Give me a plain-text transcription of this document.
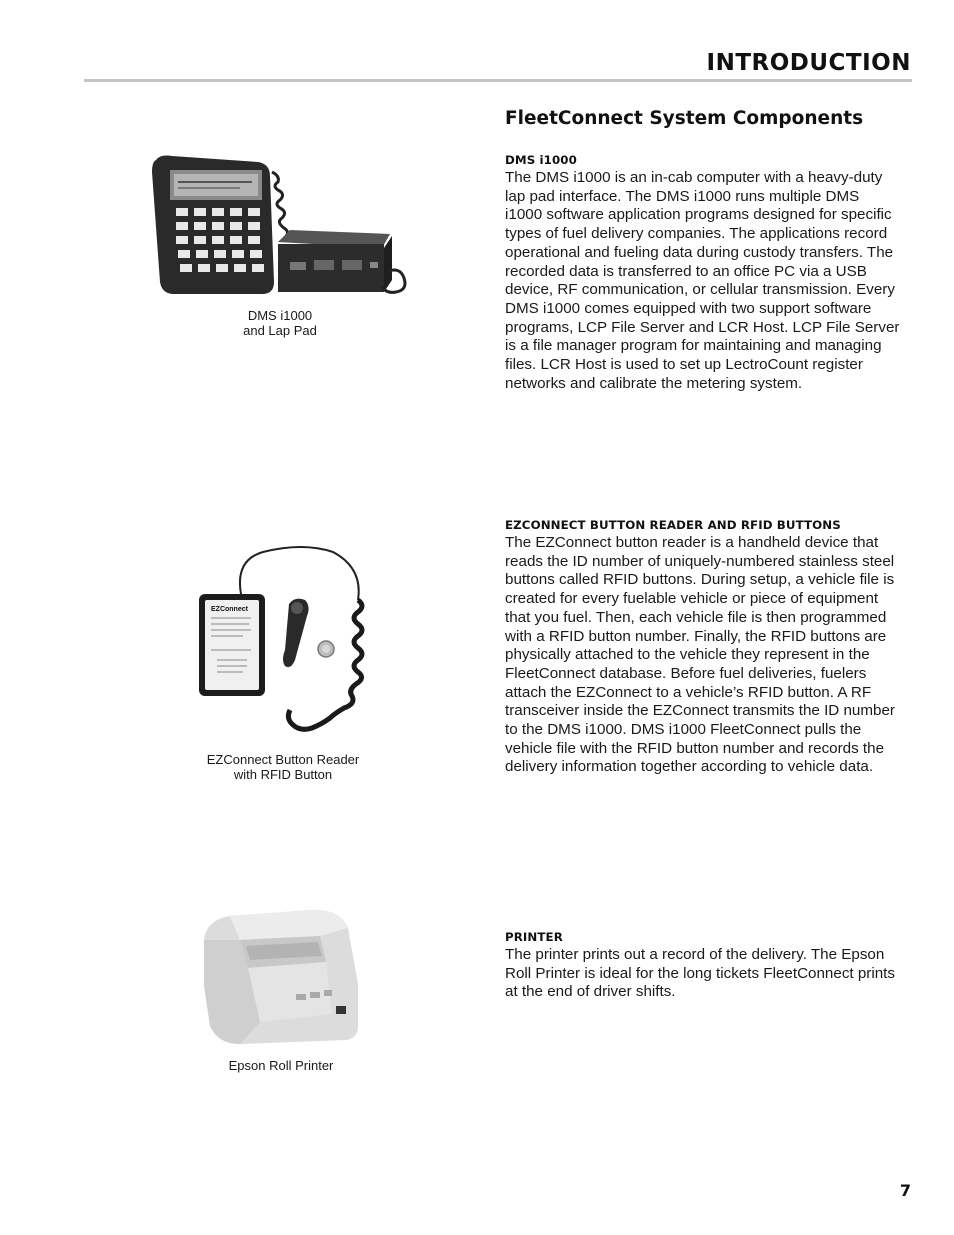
INTRODUCTION
FleetConnect System Components
DMS i1000

The DMS i1000 is an in-cab computer with a heavy-duty lap pad interface. The DMS i1000 runs multiple DMS i1000 software application programs designed for specific types of fuel delivery companies. The applications record operational and fueling data during custody transfers. The recorded data is transferred to an office PC via a USB device, RF communication, or cellular transmission. Every DMS i1000 comes equipped with two support software programs, LCP File Server and LCR Host. LCP File Server is a file manager program for maintaining and managing files. LCR Host is used to set up LectroCount register networks and calibrate the metering system.

DMS i1000
and Lap Pad
EZCONNECT BUTTON READER AND RFID BUTTONS

The EZConnect button reader is a handheld device that reads the ID number of uniquely-numbered stainless steel buttons called RFID buttons. During setup, a vehicle file is created for every fuelable vehicle or piece of equipment that you fuel. Then, each vehicle file is then programmed with a RFID button number. Finally, the RFID buttons are physically attached to the vehicle they represent in the FleetConnect database. Before fuel deliveries, fuelers attach the EZConnect to a vehicle’s RFID button. A RF transceiver inside the EZConnect transmits the ID number to the DMS i1000. DMS i1000 FleetConnect pulls the vehicle file with the RFID button number and records the delivery information together according to vehicle data.

EZConnect
EZConnect Button Reader
with RFID Button
PRINTER

The printer prints out a record of the delivery. The Epson Roll Printer is ideal for the long tickets FleetConnect prints at the end of driver shifts.

Epson Roll Printer
7
